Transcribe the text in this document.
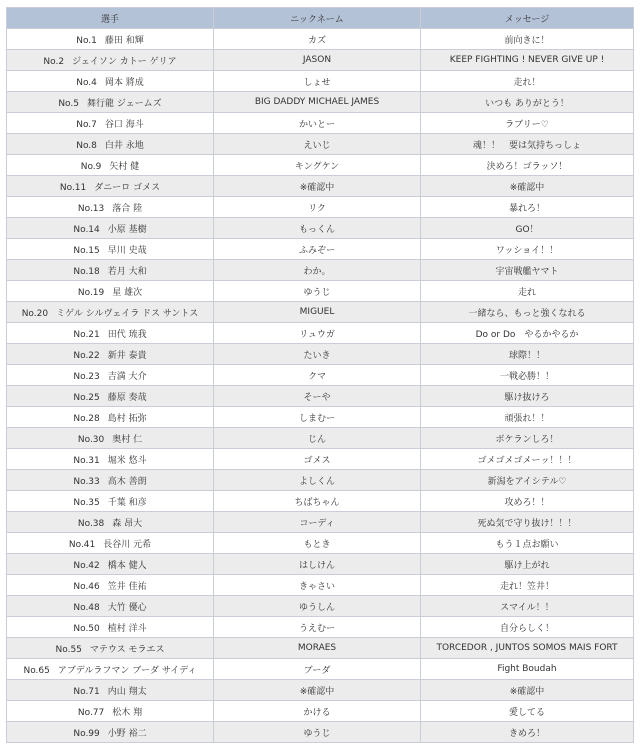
選手	ニックネーム	メッセージ
No.1 藤田 和輝	カズ	前向きに！
No.2 ジェイソン カトー ゲリア	JASON	KEEP FIGHTING ! NEVER GIVE UP !
No.4 岡本 將成	しょせ	走れ！
No.5 舞行龍 ジェームズ	BIG DADDY MICHAEL JAMES	いつも ありがとう！
No.7 谷口 海斗	かいとー	ラブリー♡
No.8 白井 永地	えいじ	魂！！　要は気持ちっしょ
No.9 矢村 健	キングケン	決めろ！ゴラッソ！
No.11 ダニーロ ゴメス	※確認中	※確認中
No.13 落合 陸	リク	暴れろ！
No.14 小原 基樹	もっくん	GO！
No.15 早川 史哉	ふみぞー	ワッショイ！！
No.18 若月 大和	わか。	宇宙戦艦ヤマト
No.19 星 雄次	ゆうじ	走れ
No.20 ミゲル シルヴェイラ ドス サントス	MIGUEL	一緒なら、もっと強くなれる
No.21 田代 琉我	リュウガ	Do or Do　やるかやるか
No.22 新井 泰貴	たいき	球際！！
No.23 吉満 大介	クマ	一戦必勝！！
No.25 藤原 奏哉	そーや	駆け抜けろ
No.28 島村 拓弥	しまむー	頑張れ！！
No.30 奥村 仁	じん	ボケランしろ！
No.31 堀米 悠斗	ゴメス	ゴメゴメゴメーッ！！！
No.33 高木 善朗	よしくん	新潟をアイシテル♡
No.35 千葉 和彦	ちばちゃん	攻めろ！！
No.38 森 昂大	コーディ	死ぬ気で守り抜け！！！
No.41 長谷川 元希	もとき	もう１点お願い
No.42 橋本 健人	はしけん	駆け上がれ
No.46 笠井 佳祐	きゃさい	走れ！笠井！
No.48 大竹 優心	ゆうしん	スマイル！！
No.50 植村 洋斗	うえむー	自分らしく！
No.55 マテウス モラエス	MORAES	TORCEDOR , JUNTOS SOMOS MAIS FORT
No.65 アブデルラフマン ブーダ サイディ	ブーダ	Fight Boudah
No.71 内山 翔太	※確認中	※確認中
No.77 松木 翔	かける	愛してる
No.99 小野 裕二	ゆうじ	きめろ！
